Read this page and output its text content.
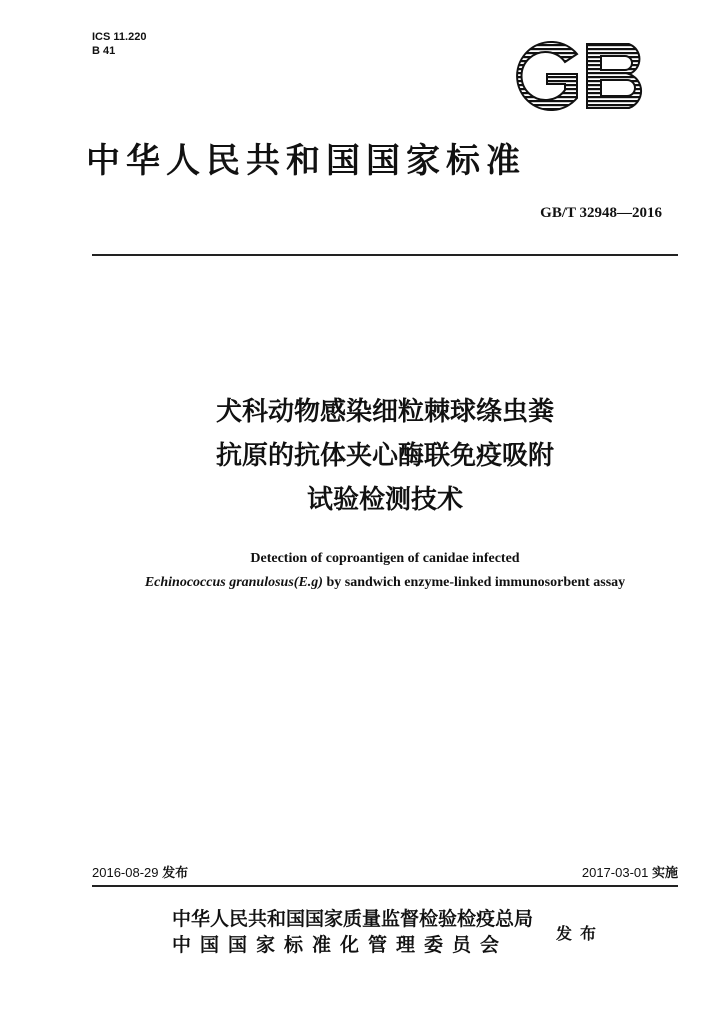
ICS 11.220
B 41
中华人民共和国国家标准
GB/T 32948—2016
犬科动物感染细粒棘球绦虫粪
抗原的抗体夹心酶联免疫吸附
试验检测技术
Detection of coproantigen of canidae infected
Echinococcus granulosus(E.g) by sandwich enzyme-linked immunosorbent assay
2016-08-29 发布	2017-03-01 实施
中华人民共和国国家质量监督检验检疫总局
中国国家标准化管理委员会
发布
